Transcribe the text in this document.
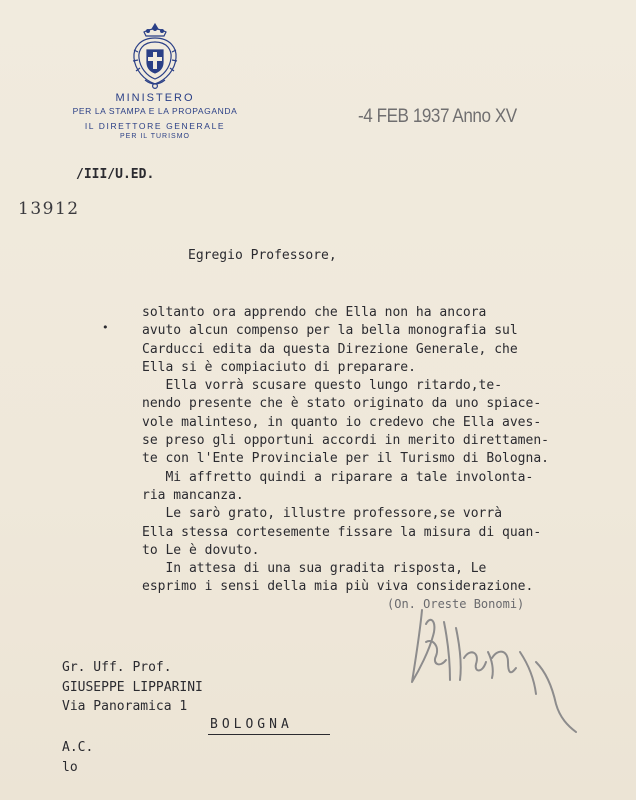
MINISTERO
PER LA STAMPA E LA PROPAGANDA
IL DIRETTORE GENERALE
PER IL TURISMO
-4 FEB 1937 Anno XV
/III/U.ED.
13912
Egregio Professore,
•
soltanto ora apprendo che Ella non ha ancora
avuto alcun compenso per la bella monografia sul
Carducci edita da questa Direzione Generale, che
Ella si è compiaciuto di preparare.
Ella vorrà scusare questo lungo ritardo,te-
nendo presente che è stato originato da uno spiace-
vole malinteso, in quanto io credevo che Ella aves-
se preso gli opportuni accordi in merito direttamen-
te con l'Ente Provinciale per il Turismo di Bologna.
Mi affretto quindi a riparare a tale involonta-
ria mancanza.
Le sarò grato, illustre professore,se vorrà
Ella stessa cortesemente fissare la misura di quan-
to Le è dovuto.
In attesa di una sua gradita risposta, Le
esprimo i sensi della mia più viva considerazione.
(On. Oreste Bonomi)
Gr. Uff. Prof.
GIUSEPPE LIPPARINI
Via Panoramica 1
BOLOGNA
A.C.
lo
